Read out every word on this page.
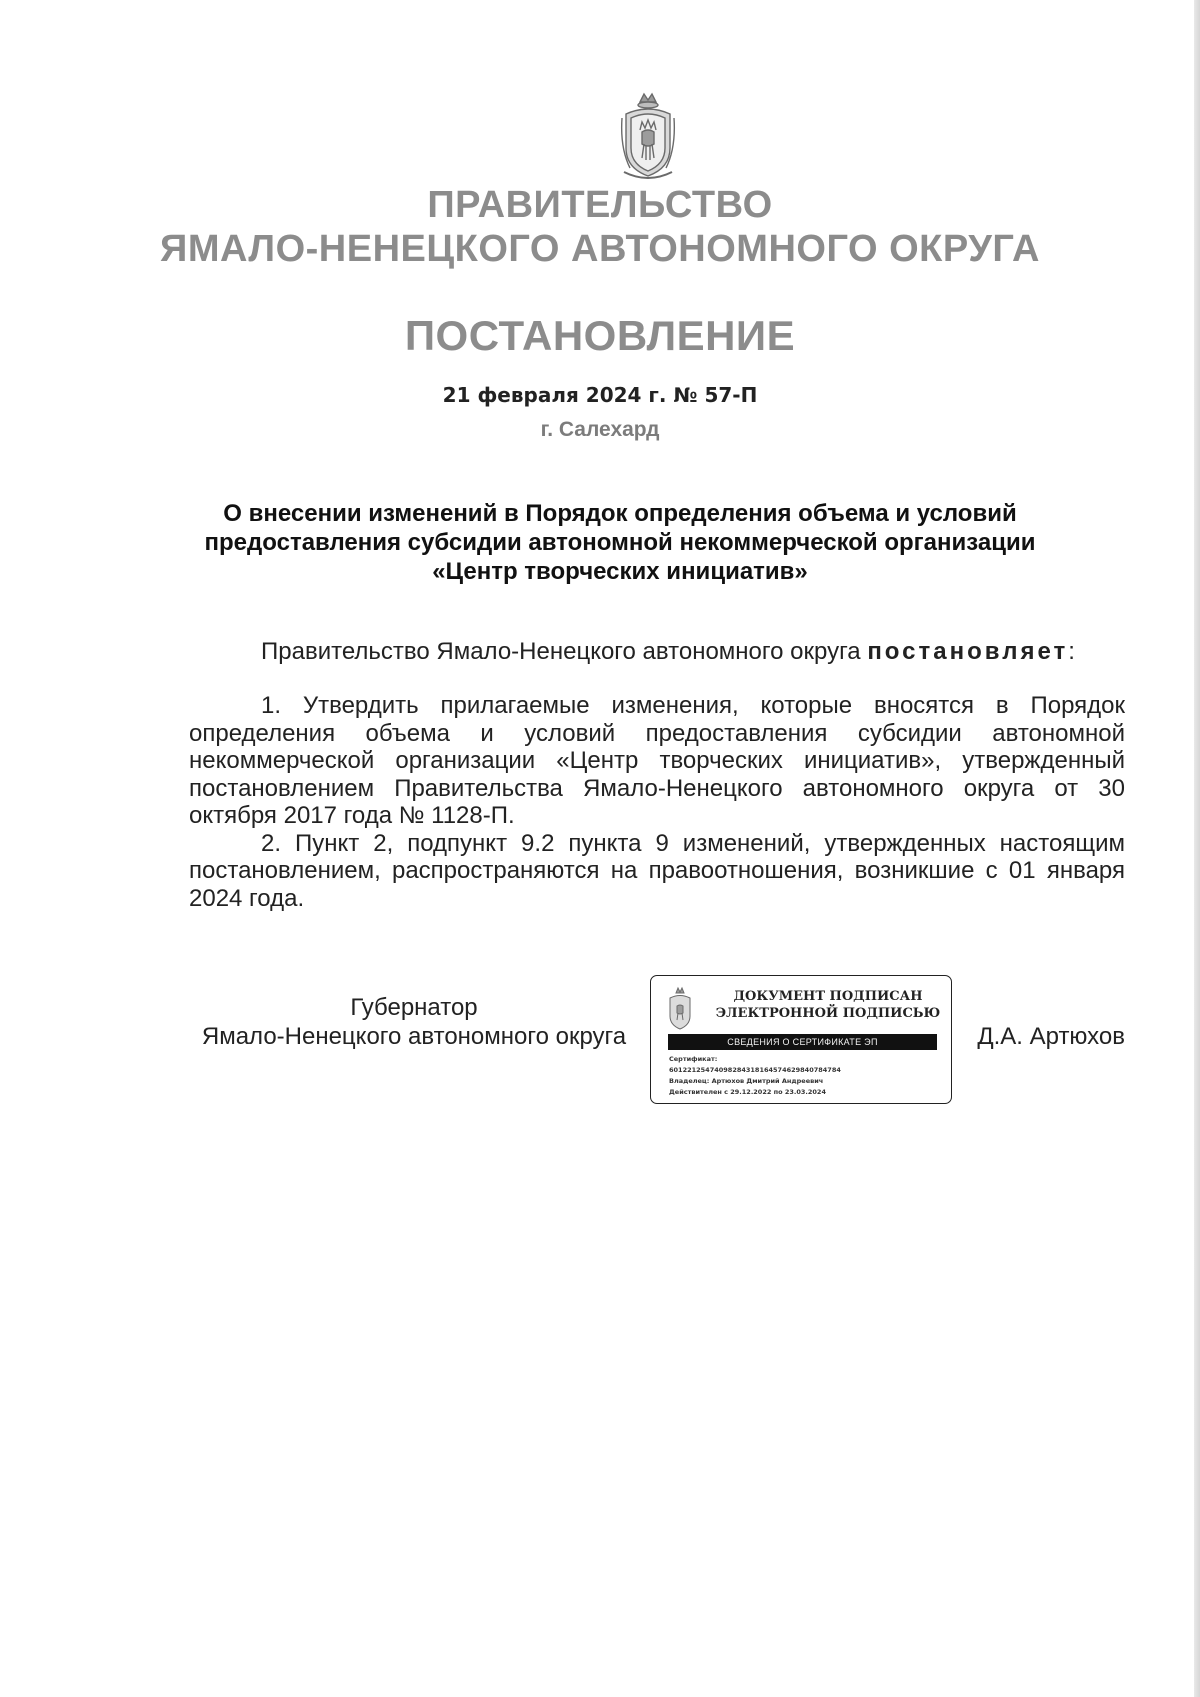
ПРАВИТЕЛЬСТВО
ЯМАЛО-НЕНЕЦКОГО АВТОНОМНОГО ОКРУГА
ПОСТАНОВЛЕНИЕ
21 февраля 2024 г. № 57-П
г. Салехард
О внесении изменений в Порядок определения объема и условий
предоставления субсидии автономной некоммерческой организации
«Центр творческих инициатив»
Правительство Ямало-Ненецкого автономного округа постановляет:

1. Утвердить прилагаемые изменения, которые вносятся в Порядок определения объема и условий предоставления субсидии автономной некоммерческой организации «Центр творческих инициатив», утвержденный постановлением Правительства Ямало-Ненецкого автономного округа от 30 октября 2017 года № 1128-П.

2. Пункт 2, подпункт 9.2 пункта 9 изменений, утвержденных настоящим постановлением, распространяются на правоотношения, возникшие с 01 января 2024 года.

Губернатор
Ямало-Ненецкого автономного округа
ДОКУМЕНТ ПОДПИСАН
ЭЛЕКТРОННОЙ ПОДПИСЬЮ
СВЕДЕНИЯ О СЕРТИФИКАТЕ ЭП
Сертификат:
60122125474098284318164574629840784784
Владелец: Артюхов Дмитрий Андреевич
Действителен с 29.12.2022 по 23.03.2024
Д.А. Артюхов
